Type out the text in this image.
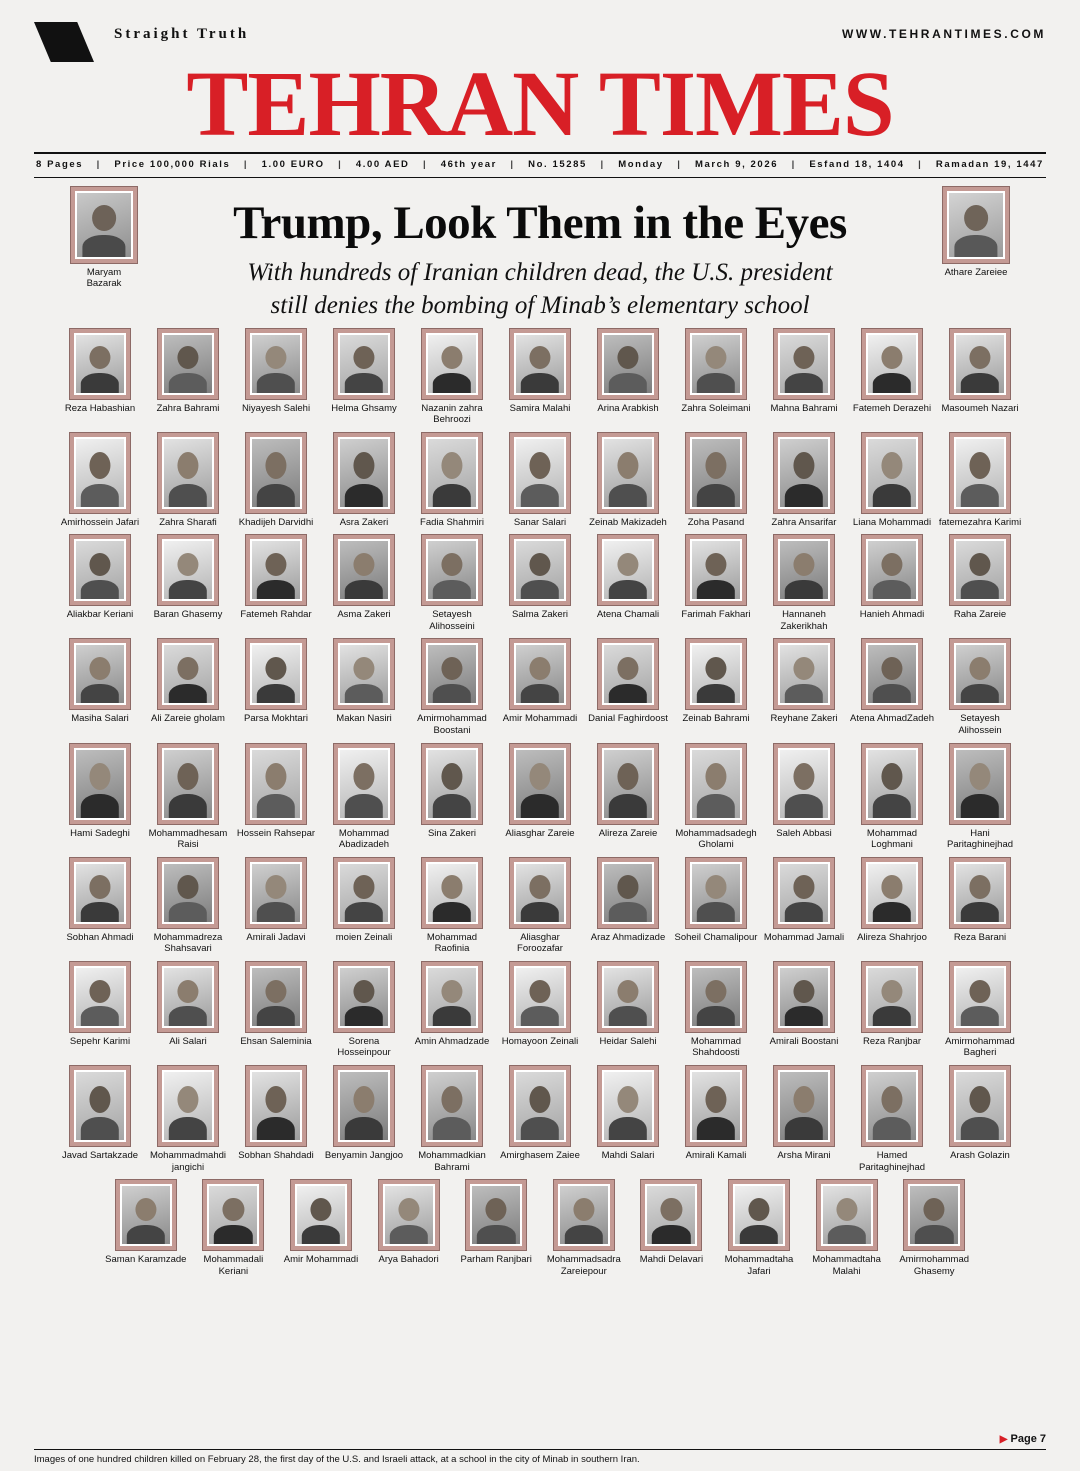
Straight Truth	WWW.TEHRANTIMES.COM
TEHRAN TIMES
8 Pages | Price 100,000 Rials | 1.00 EURO | 4.00 AED | 46th year | No. 15285 | Monday | March 9, 2026 | Esfand 18, 1404 | Ramadan 19, 1447
Maryam Bazarak
Athare Zareiee
Trump, Look Them in the Eyes
With hundreds of Iranian children dead, the U.S. president
still denies the bombing of Minab’s elementary school
Reza Habashian Zahra Bahrami Niyayesh Salehi Helma Ghsamy	Nazanin zahra Behroozi
Samira Malahi	Arina Arabkish Zahra Soleimani Mahna Bahrami Fatemeh Derazehi Masoumeh Nazari
Amirhossein Jafari Zahra Sharafi Khadijeh Darvidhi	Asra Zakeri	Fadia Shahmiri	Sanar Salari Zeinab Makizadeh Zoha Pasand	Zahra Ansarifar Liana Mohammadi fatemezahra Karimi
Aliakbar Keriani Baran Ghasemy Fatemeh Rahdar	Asma Zakeri	Setayesh Alihosseini
Salma Zakeri	Atena Chamali Farimah Fakhari	Hannaneh Zakerikhah
Hanieh Ahmadi	Raha Zareie
Masiha Salari Ali Zareie gholam Parsa Mokhtari	Makan Nasiri	Amirmohammad Boostani
Amir Mohammadi Danial Faghirdoost Zeinab Bahrami Reyhane Zakeri Atena AhmadZadeh	Setayesh Alihossein
Hami Sadeghi Mohammadhesam Raisi
Hossein Rahsepar	Mohammad Abadizadeh
Sina Zakeri	Aliasghar Zareie	Alireza Zareie Mohammadsadegh Gholami
Saleh Abbasi	Mohammad Loghmani
Hani Paritaghinejhad
Sobhan Ahmadi	Mohammadreza Shahsavari
Amirali Jadavi	moien Zeinali	Mohammad Raofinia
Aliasghar Foroozafar
Araz Ahmadizade Soheil Chamalipour Mohammad Jamali Alireza Shahrjoo	Reza Barani
Sepehr Karimi	Ali Salari	Ehsan Saleminia	Sorena Hosseinpour
Amin Ahmadzade Homayoon Zeinali Heidar Salehi	Mohammad Shahdoosti
Amirali Boostani	Reza Ranjbar	Amirmohammad Bagheri
Javad Sartakzade	Mohammadmahdi jangichi
Sobhan Shahdadi Benyamin Jangjoo	Mohammadkian Bahrami
Amirghasem Zaiee Mahdi Salari	Amirali Kamali	Arsha Mirani	Hamed Paritaghinejhad
Arash Golazin
Saman Karamzade	Mohammadali Keriani
Amir Mohammadi Arya Bahadori Parham Ranjbari	Mohammadsadra Zareiepour
Mahdi Delavari	Mohammadtaha Jafari
Mohammadtaha Malahi
Amirmohammad Ghasemy
▶ Page 7
Images of one hundred children killed on February 28, the first day of the U.S. and Israeli attack, at a school in the city of Minab in southern Iran.
